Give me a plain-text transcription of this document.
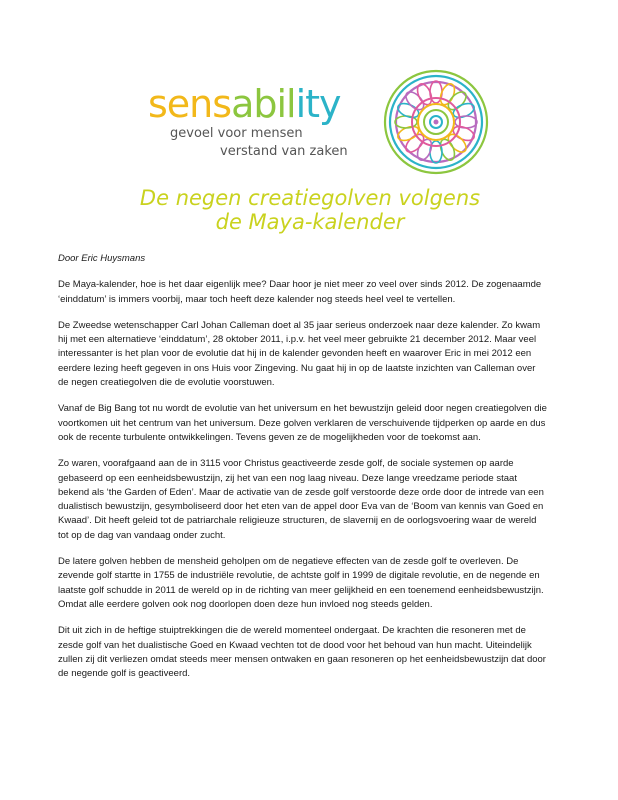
sensability
gevoel voor mensen
verstand van zaken
De negen creatiegolven volgens
de Maya-kalender

Door Eric Huysmans

De Maya-kalender, hoe is het daar eigenlijk mee? Daar hoor je niet meer zo veel over sinds 2012. De zogenaamde ‘einddatum’ is immers voorbij, maar toch heeft deze kalender nog steeds heel veel te vertellen.

De Zweedse wetenschapper Carl Johan Calleman doet al 35 jaar serieus onderzoek naar deze kalender. Zo kwam hij met een alternatieve ‘einddatum’, 28 oktober 2011, i.p.v. het veel meer gebruikte 21 december 2012. Maar veel interessanter is het plan voor de evolutie dat hij in de kalender gevonden heeft en waarover Eric in mei 2012 een eerdere lezing heeft gegeven in ons Huis voor Zingeving. Nu gaat hij in op de laatste inzichten van Calleman over de negen creatiegolven die de evolutie voorstuwen.

Vanaf de Big Bang tot nu wordt de evolutie van het universum en het bewustzijn geleid door negen creatiegolven die voortkomen uit het centrum van het universum. Deze golven verklaren de verschuivende tijdperken op aarde en dus ook de recente turbulente ontwikkelingen. Tevens geven ze de mogelijkheden voor de toekomst aan.

Zo waren, voorafgaand aan de in 3115 voor Christus geactiveerde zesde golf, de sociale systemen op aarde gebaseerd op een eenheidsbewustzijn, zij het van een nog laag niveau. Deze lange vreedzame periode staat bekend als ‘the Garden of Eden’. Maar de activatie van de zesde golf verstoorde deze orde door de intrede van een dualistisch bewustzijn, gesymboliseerd door het eten van de appel door Eva van de ‘Boom van kennis van Goed en Kwaad’. Dit heeft geleid tot de patriarchale religieuze structuren, de slavernij en de oorlogsvoering waar de wereld tot op de dag van vandaag onder zucht.

De latere golven hebben de mensheid geholpen om de negatieve effecten van de zesde golf te overleven. De zevende golf startte in 1755 de industriële revolutie, de achtste golf in 1999 de digitale revolutie, en de negende en laatste golf schudde in 2011 de wereld op in de richting van meer gelijkheid en een toenemend eenheidsbewustzijn. Omdat alle eerdere golven ook nog doorlopen doen deze hun invloed nog steeds gelden.

Dit uit zich in de heftige stuiptrekkingen die de wereld momenteel ondergaat. De krachten die resoneren met de zesde golf van het dualistische Goed en Kwaad vechten tot de dood voor het behoud van hun macht. Uiteindelijk zullen zij dit verliezen omdat steeds meer mensen ontwaken en gaan resoneren op het eenheidsbewustzijn dat door de negende golf is geactiveerd.
